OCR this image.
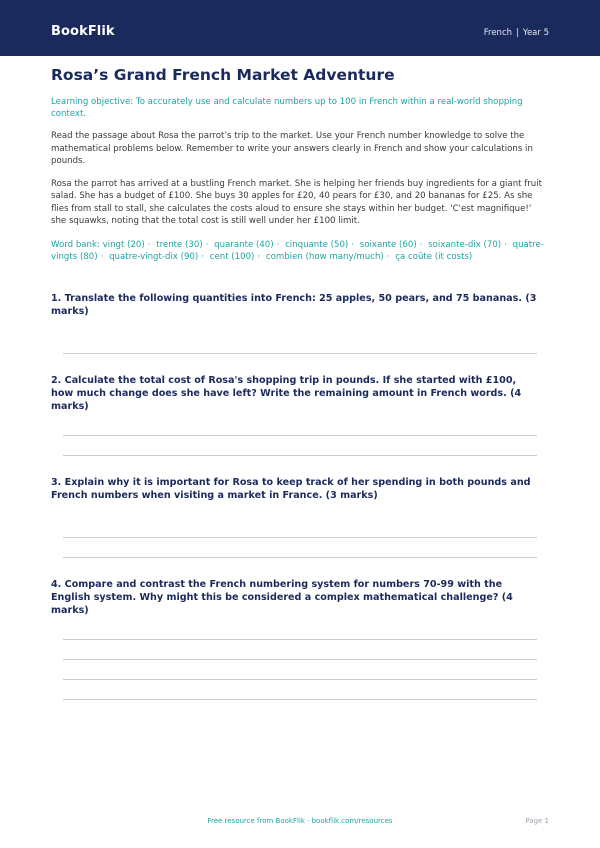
BookFlik	French | Year 5
Rosa’s Grand French Market Adventure
Learning objective: To accurately use and calculate numbers up to 100 in French within a real-world shopping context.
Read the passage about Rosa the parrot’s trip to the market. Use your French number knowledge to solve the mathematical problems below. Remember to write your answers clearly in French and show your calculations in pounds.
Rosa the parrot has arrived at a bustling French market. She is helping her friends buy ingredients for a giant fruit salad. She has a budget of £100. She buys 30 apples for £20, 40 pears for £30, and 20 bananas for £25. As she flies from stall to stall, she calculates the costs aloud to ensure she stays within her budget. 'C'est magnifique!' she squawks, noting that the total cost is still well under her £100 limit.
Word bank: vingt (20) · trente (30) · quarante (40) · cinquante (50) · soixante (60) · soixante-dix (70) · quatre-vingts (80) · quatre-vingt-dix (90) · cent (100) · combien (how many/much) · ça coûte (it costs)
1. Translate the following quantities into French: 25 apples, 50 pears, and 75 bananas. (3 marks)
2. Calculate the total cost of Rosa's shopping trip in pounds. If she started with £100, how much change does she have left? Write the remaining amount in French words. (4 marks)
3. Explain why it is important for Rosa to keep track of her spending in both pounds and French numbers when visiting a market in France. (3 marks)
4. Compare and contrast the French numbering system for numbers 70-99 with the English system. Why might this be considered a complex mathematical challenge? (4 marks)
Free resource from BookFlik · bookflik.com/resources	Page 1
